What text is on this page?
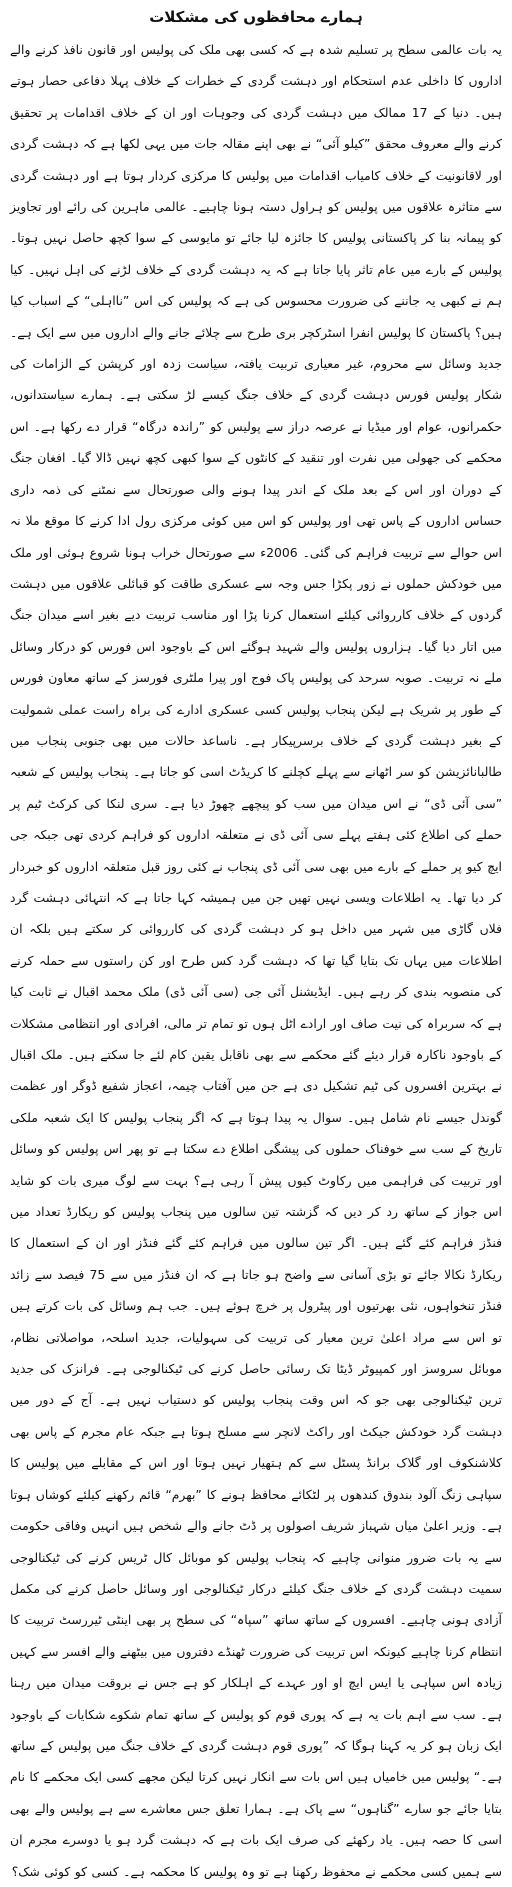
ہمارے محافظوں کی مشکلات

یہ بات عالمی سطح پر تسلیم شدہ ہے کہ کسی بھی ملک کی پولیس اور قانون نافذ کرنے والے اداروں کا داخلی عدم استحکام اور دہشت گردی کے خطرات کے خلاف پہلا دفاعی حصار ہوتے ہیں۔ دنیا کے 17 ممالک میں دہشت گردی کی وجوہات اور ان کے خلاف اقدامات پر تحقیق کرنے والے معروف محقق ”کیلو آئی“ نے بھی اپنے مقالہ جات میں یہی لکھا ہے کہ دہشت گردی اور لاقانونیت کے خلاف کامیاب اقدامات میں پولیس کا مرکزی کردار ہوتا ہے اور دہشت گردی سے متاثرہ علاقوں میں پولیس کو ہراول دستہ ہونا چاہیے۔ عالمی ماہرین کی رائے اور تجاویز کو پیمانہ بنا کر پاکستانی پولیس کا جائزہ لیا جائے تو مایوسی کے سوا کچھ حاصل نہیں ہوتا۔ پولیس کے بارے میں عام تاثر پایا جاتا ہے کہ یہ دہشت گردی کے خلاف لڑنے کی اہل نہیں۔ کیا ہم نے کبھی یہ جاننے کی ضرورت محسوس کی ہے کہ پولیس کی اس ”نااہلی“ کے اسباب کیا ہیں؟ پاکستان کا پولیس انفرا اسٹرکچر بری طرح سے چلائے جانے والے اداروں میں سے ایک ہے۔ جدید وسائل سے محروم، غیر معیاری تربیت یافتہ، سیاست زدہ اور کرپشن کے الزامات کی شکار پولیس فورس دہشت گردی کے خلاف جنگ کیسے لڑ سکتی ہے۔ ہمارے سیاستدانوں، حکمرانوں، عوام اور میڈیا نے عرصہ دراز سے پولیس کو ”راندہ درگاہ“ قرار دے رکھا ہے۔ اس محکمے کی جھولی میں نفرت اور تنقید کے کانٹوں کے سوا کبھی کچھ نہیں ڈالا گیا۔ افغان جنگ کے دوران اور اس کے بعد ملک کے اندر پیدا ہونے والی صورتحال سے نمٹنے کی ذمہ داری حساس اداروں کے پاس تھی اور پولیس کو اس میں کوئی مرکزی رول ادا کرنے کا موقع ملا نہ اس حوالے سے تربیت فراہم کی گئی۔ 2006ء سے صورتحال خراب ہونا شروع ہوئی اور ملک میں خودکش حملوں نے زور پکڑا جس وجہ سے عسکری طاقت کو قبائلی علاقوں میں دہشت گردوں کے خلاف کارروائی کیلئے استعمال کرنا پڑا اور مناسب تربیت دیے بغیر اسے میدان جنگ میں اتار دیا گیا۔ ہزاروں پولیس والے شہید ہوگئے اس کے باوجود اس فورس کو درکار وسائل ملے نہ تربیت۔ صوبہ سرحد کی پولیس پاک فوج اور پیرا ملٹری فورسز کے ساتھ معاون فورس کے طور پر شریک ہے لیکن پنجاب پولیس کسی عسکری ادارے کی براہ راست عملی شمولیت کے بغیر دہشت گردی کے خلاف برسرپیکار ہے۔ ناساعد حالات میں بھی جنوبی پنجاب میں طالبانائزیشن کو سر اٹھانے سے پہلے کچلنے کا کریڈٹ اسی کو جاتا ہے۔ پنجاب پولیس کے شعبہ ”سی آئی ڈی“ نے اس میدان میں سب کو پیچھے چھوڑ دیا ہے۔ سری لنکا کی کرکٹ ٹیم پر حملے کی اطلاع کئی ہفتے پہلے سی آئی ڈی نے متعلقہ اداروں کو فراہم کردی تھی جبکہ جی ایچ کیو پر حملے کے بارے میں بھی سی آئی ڈی پنجاب نے کئی روز قبل متعلقہ اداروں کو خبردار کر دیا تھا۔ یہ اطلاعات ویسی نہیں تھیں جن میں ہمیشہ کہا جاتا ہے کہ انتہائی دہشت گرد فلاں گاڑی میں شہر میں داخل ہو کر دہشت گردی کی کارروائی کر سکتے ہیں بلکہ ان اطلاعات میں یہاں تک بتایا گیا تھا کہ دہشت گرد کس طرح اور کن راستوں سے حملہ کرنے کی منصوبہ بندی کر رہے ہیں۔ ایڈیشنل آئی جی (سی آئی ڈی) ملک محمد اقبال نے ثابت کیا ہے کہ سربراہ کی نیت صاف اور ارادے اٹل ہوں تو تمام تر مالی، افرادی اور انتظامی مشکلات کے باوجود ناکارہ قرار دیئے گئے محکمے سے بھی ناقابل یقین کام لئے جا سکتے ہیں۔ ملک اقبال نے بہترین افسروں کی ٹیم تشکیل دی ہے جن میں آفتاب چیمہ، اعجاز شفیع ڈوگر اور عظمت گوندل جیسے نام شامل ہیں۔ سوال یہ پیدا ہوتا ہے کہ اگر پنجاب پولیس کا ایک شعبہ ملکی تاریخ کے سب سے خوفناک حملوں کی پیشگی اطلاع دے سکتا ہے تو پھر اس پولیس کو وسائل اور تربیت کی فراہمی میں رکاوٹ کیوں پیش آ رہی ہے؟ بہت سے لوگ میری بات کو شاید اس جواز کے ساتھ رد کر دیں کہ گزشتہ تین سالوں میں پنجاب پولیس کو ریکارڈ تعداد میں فنڈز فراہم کئے گئے ہیں۔ اگر تین سالوں میں فراہم کئے گئے فنڈز اور ان کے استعمال کا ریکارڈ نکالا جائے تو بڑی آسانی سے واضح ہو جاتا ہے کہ ان فنڈز میں سے 75 فیصد سے زائد فنڈز تنخواہوں، نئی بھرتیوں اور پیٹرول پر خرچ ہوئے ہیں۔ جب ہم وسائل کی بات کرتے ہیں تو اس سے مراد اعلیٰ ترین معیار کی تربیت کی سہولیات، جدید اسلحہ، مواصلاتی نظام، موبائل سروسز اور کمپیوٹر ڈیٹا تک رسائی حاصل کرنے کی ٹیکنالوجی ہے۔ فرانزک کی جدید ترین ٹیکنالوجی بھی جو کہ اس وقت پنجاب پولیس کو دستیاب نہیں ہے۔ آج کے دور میں دہشت گرد خودکش جیکٹ اور راکٹ لانچر سے مسلح ہوتا ہے جبکہ عام مجرم کے پاس بھی کلاشنکوف اور گلاک برانڈ پسٹل سے کم ہتھیار نہیں ہوتا اور اس کے مقابلے میں پولیس کا سپاہی زنگ آلود بندوق کندھوں پر لٹکائے محافظ ہونے کا ”بھرم“ قائم رکھنے کیلئے کوشاں ہوتا ہے۔ وزیر اعلیٰ میاں شہباز شریف اصولوں پر ڈٹ جانے والے شخص ہیں انہیں وفاقی حکومت سے یہ بات ضرور منوانی چاہیے کہ پنجاب پولیس کو موبائل کال ٹریس کرنے کی ٹیکنالوجی سمیت دہشت گردی کے خلاف جنگ کیلئے درکار ٹیکنالوجی اور وسائل حاصل کرنے کی مکمل آزادی ہونی چاہیے۔ افسروں کے ساتھ ساتھ ”سپاہ“ کی سطح پر بھی اینٹی ٹیررسٹ تربیت کا انتظام کرنا چاہیے کیونکہ اس تربیت کی ضرورت ٹھنڈے دفتروں میں بیٹھنے والے افسر سے کہیں زیادہ اس سپاہی یا ایس ایچ او اور عہدے کے اہلکار کو ہے جس نے بروقت میدان میں رہنا ہے۔ سب سے اہم بات یہ ہے کہ پوری قوم کو پولیس کے ساتھ تمام شکوے شکایات کے باوجود ایک زبان ہو کر یہ کہنا ہوگا کہ ”پوری قوم دہشت گردی کے خلاف جنگ میں پولیس کے ساتھ ہے۔“ پولیس میں خامیاں ہیں اس بات سے انکار نہیں کرتا لیکن مجھے کسی ایک محکمے کا نام بتایا جائے جو سارے ”گناہوں“ سے پاک ہے۔ ہمارا تعلق جس معاشرے سے ہے پولیس والے بھی اسی کا حصہ ہیں۔ یاد رکھئے کی صرف ایک بات ہے کہ دہشت گرد ہو یا دوسرے مجرم ان سے ہمیں کسی محکمے نے محفوظ رکھنا ہے تو وہ پولیس کا محکمہ ہے۔ کسی کو کوئی شک؟
